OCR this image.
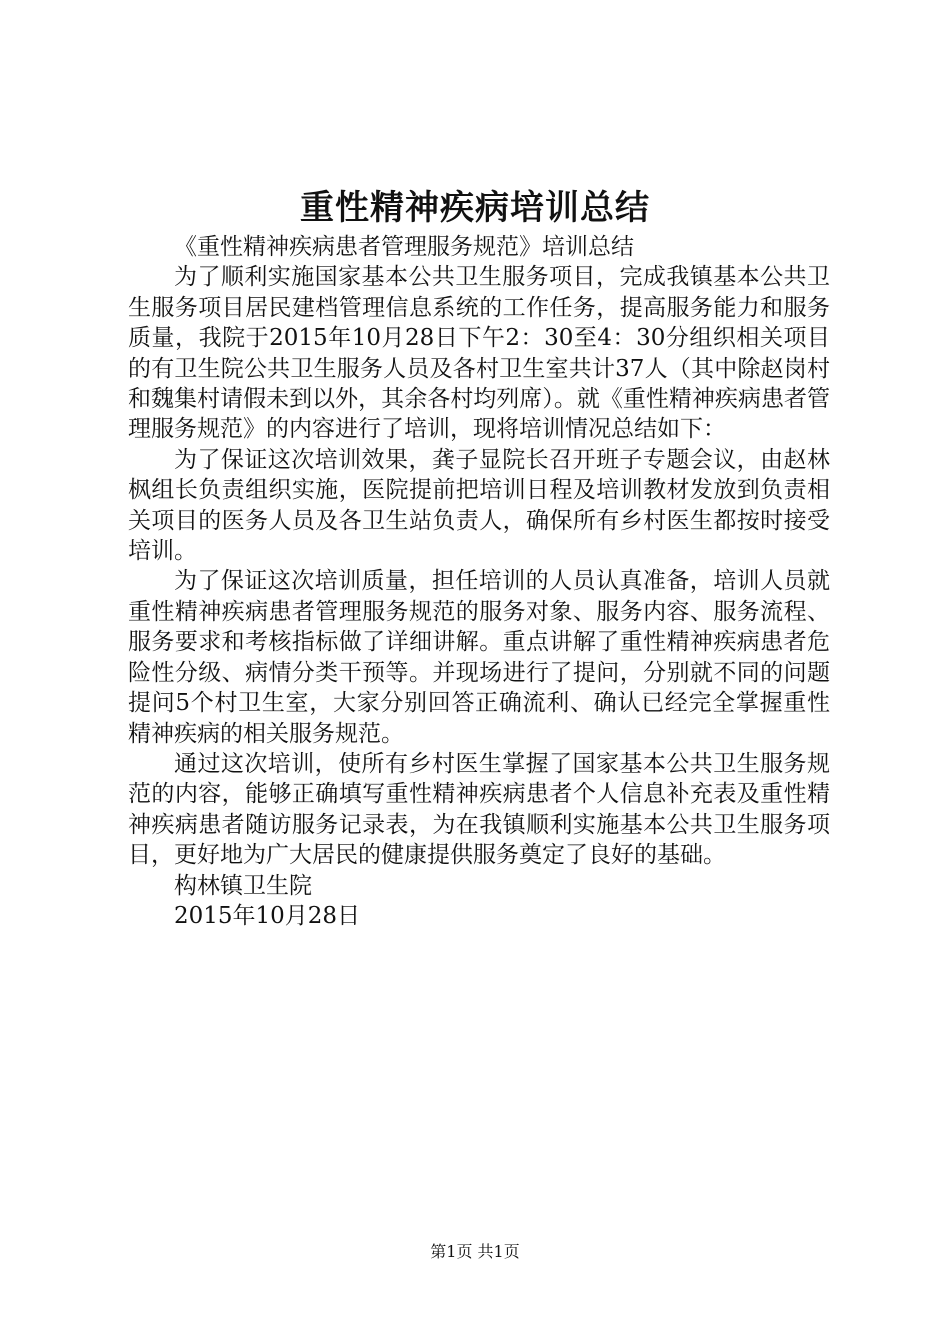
重性精神疾病培训总结

《重性精神疾病患者管理服务规范》培训总结

为了顺利实施国家基本公共卫生服务项目，完成我镇基本公共卫生服务项目居民建档管理信息系统的工作任务，提高服务能力和服务质量，我院于2015年10月28日下午2：30至4：30分组织相关项目的有卫生院公共卫生服务人员及各村卫生室共计37人（其中除赵岗村和魏集村请假未到以外，其余各村均列席）。就《重性精神疾病患者管理服务规范》的内容进行了培训，现将培训情况总结如下：

为了保证这次培训效果，龚子显院长召开班子专题会议，由赵林枫组长负责组织实施，医院提前把培训日程及培训教材发放到负责相关项目的医务人员及各卫生站负责人，确保所有乡村医生都按时接受培训。

为了保证这次培训质量，担任培训的人员认真准备，培训人员就重性精神疾病患者管理服务规范的服务对象、服务内容、服务流程、服务要求和考核指标做了详细讲解。重点讲解了重性精神疾病患者危险性分级、病情分类干预等。并现场进行了提问，分别就不同的问题提问5个村卫生室，大家分别回答正确流利、确认已经完全掌握重性精神疾病的相关服务规范。

通过这次培训，使所有乡村医生掌握了国家基本公共卫生服务规范的内容，能够正确填写重性精神疾病患者个人信息补充表及重性精神疾病患者随访服务记录表，为在我镇顺利实施基本公共卫生服务项目，更好地为广大居民的健康提供服务奠定了良好的基础。

构林镇卫生院

2015年10月28日

第1页 共1页
